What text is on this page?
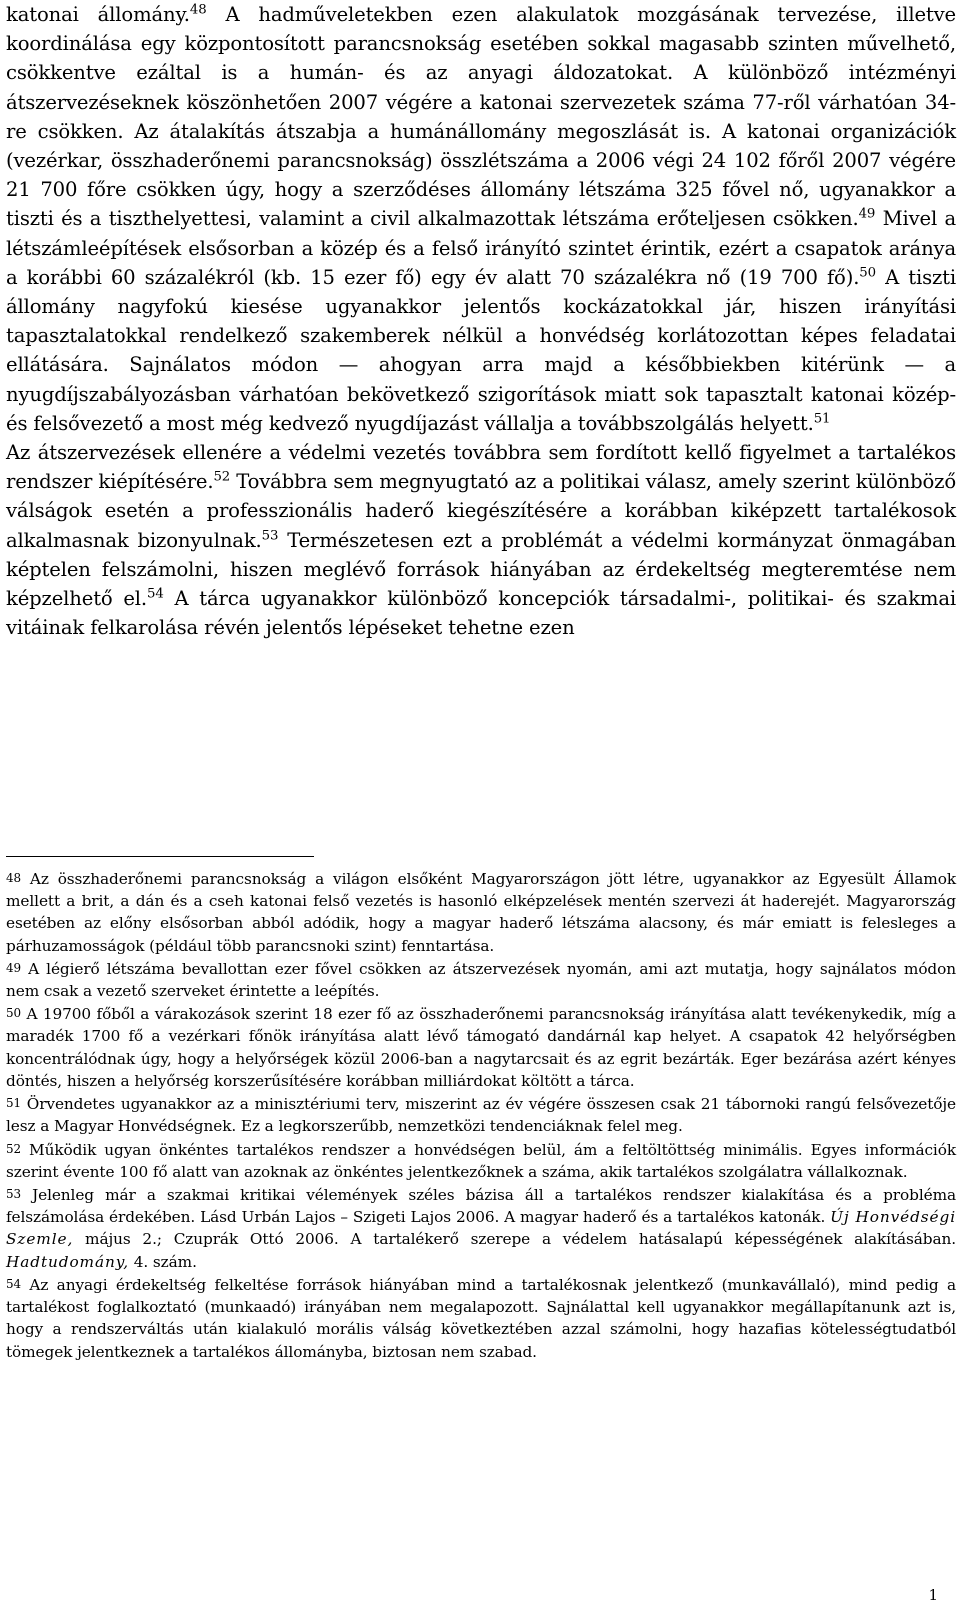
katonai állomány.$^{48}$ A hadműveletekben ezen alakulatok mozgásának tervezése, illetve koordinálása egy központosított parancsnokság esetében sokkal magasabb szinten művelhető, csökkentve ezáltal is a humán- és az anyagi áldozatokat. A különböző intézményi átszervezéseknek köszönhetően 2007 végére a katonai szervezetek száma 77-ről várhatóan 34-re csökken. Az átalakítás átszabja a humánállomány megoszlását is. A katonai organizációk (vezérkar, összhaderőnemi parancsnokság) összlétszáma a 2006 végi 24 102 főről 2007 végére 21 700 főre csökken úgy, hogy a szerződéses állomány létszáma 325 fővel nő, ugyanakkor a tiszti és a tiszthelyettesi, valamint a civil alkalmazottak létszáma erőteljesen csökken.$^{49}$ Mivel a létszámleépítések elsősorban a közép és a felső irányító szintet érintik, ezért a csapatok aránya a korábbi 60 százalékról (kb. 15 ezer fő) egy év alatt 70 százalékra nő (19 700 fő).$^{50}$ A tiszti állomány nagyfokú kiesése ugyanakkor jelentős kockázatokkal jár, hiszen irányítási tapasztalatokkal rendelkező szakemberek nélkül a honvédség korlátozottan képes feladatai ellátására. Sajnálatos módon — ahogyan arra majd a későbbiekben kitérünk — a nyugdíjszabályozásban várhatóan bekövetkező szigorítások miatt sok tapasztalt katonai közép- és felsővezető a most még kedvező nyugdíjazást vállalja a továbbszolgálás helyett.$^{51}$

Az átszervezések ellenére a védelmi vezetés továbbra sem fordított kellő figyelmet a tartalékos rendszer kiépítésére.$^{52}$ Továbbra sem megnyugtató az a politikai válasz, amely szerint különböző válságok esetén a professzionális haderő kiegészítésére a korábban kiképzett tartalékosok alkalmasnak bizonyulnak.$^{53}$ Természetesen ezt a problémát a védelmi kormányzat önmagában képtelen felszámolni, hiszen meglévő források hiányában az érdekeltség megteremtése nem képzelhető el.$^{54}$ A tárca ugyanakkor különböző koncepciók társadalmi-, politikai- és szakmai vitáinak felkarolása révén jelentős lépéseket tehetne ezen

48 Az összhaderőnemi parancsnokság a világon elsőként Magyarországon jött létre, ugyanakkor az Egyesült Államok mellett a brit, a dán és a cseh katonai felső vezetés is hasonló elképzelések mentén szervezi át haderejét. Magyarország esetében az előny elsősorban abból adódik, hogy a magyar haderő létszáma alacsony, és már emiatt is felesleges a párhuzamosságok (például több parancsnoki szint) fenntartása.

49 A légierő létszáma bevallottan ezer fővel csökken az átszervezések nyomán, ami azt mutatja, hogy sajnálatos módon nem csak a vezető szerveket érintette a leépítés.

50 A 19700 főből a várakozások szerint 18 ezer fő az összhaderőnemi parancsnokság irányítása alatt tevékenykedik, míg a maradék 1700 fő a vezérkari főnök irányítása alatt lévő támogató dandárnál kap helyet. A csapatok 42 helyőrségben koncentrálódnak úgy, hogy a helyőrségek közül 2006-ban a nagytarcsait és az egrit bezárták. Eger bezárása azért kényes döntés, hiszen a helyőrség korszerűsítésére korábban milliárdokat költött a tárca.

51 Örvendetes ugyanakkor az a minisztériumi terv, miszerint az év végére összesen csak 21 tábornoki rangú felsővezetője lesz a Magyar Honvédségnek. Ez a legkorszerűbb, nemzetközi tendenciáknak felel meg.

52 Működik ugyan önkéntes tartalékos rendszer a honvédségen belül, ám a feltöltöttség minimális. Egyes információk szerint évente 100 fő alatt van azoknak az önkéntes jelentkezőknek a száma, akik tartalékos szolgálatra vállalkoznak.

53 Jelenleg már a szakmai kritikai vélemények széles bázisa áll a tartalékos rendszer kialakítása és a probléma felszámolása érdekében. Lásd Urbán Lajos – Szigeti Lajos 2006. A magyar haderő és a tartalékos katonák. Új Honvédségi Szemle, május 2.; Czuprák Ottó 2006. A tartalékerő szerepe a védelem hatásalapú képességének alakításában. Hadtudomány, 4. szám.

54 Az anyagi érdekeltség felkeltése források hiányában mind a tartalékosnak jelentkező (munkavállaló), mind pedig a tartalékost foglalkoztató (munkaadó) irányában nem megalapozott. Sajnálattal kell ugyanakkor megállapítanunk azt is, hogy a rendszerváltás után kialakuló morális válság következtében azzal számolni, hogy hazafias kötelességtudatból tömegek jelentkeznek a tartalékos állományba, biztosan nem szabad.

1
